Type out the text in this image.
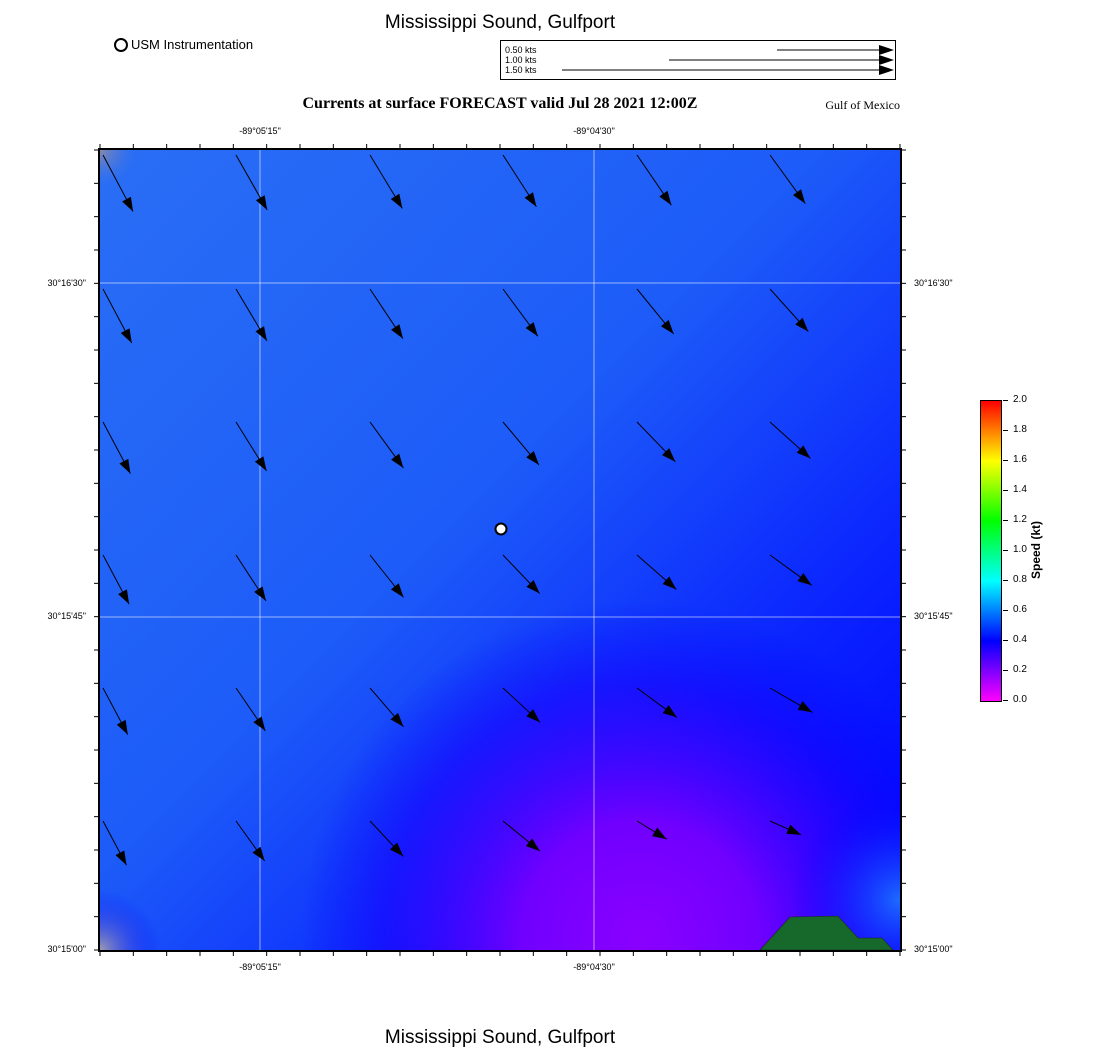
Mississippi Sound, Gulfport
Currents at surface FORECAST valid Jul 28 2021 12:00Z	Gulf of Mexico
Mississippi Sound, Gulfport
USM Instrumentation	0.50 kts
1.00 kts
1.50 kts
-89°05'15"	-89°04'30"
-89°05'15"	-89°04'30"
30°15'00"
30°15'45"
30°16'30"
30°15'00"
30°15'45"
30°16'30"
0.0
0.2
0.4
0.6
0.8
1.0
1.2
1.4
1.6
1.8
2.0
Speed (kt)
